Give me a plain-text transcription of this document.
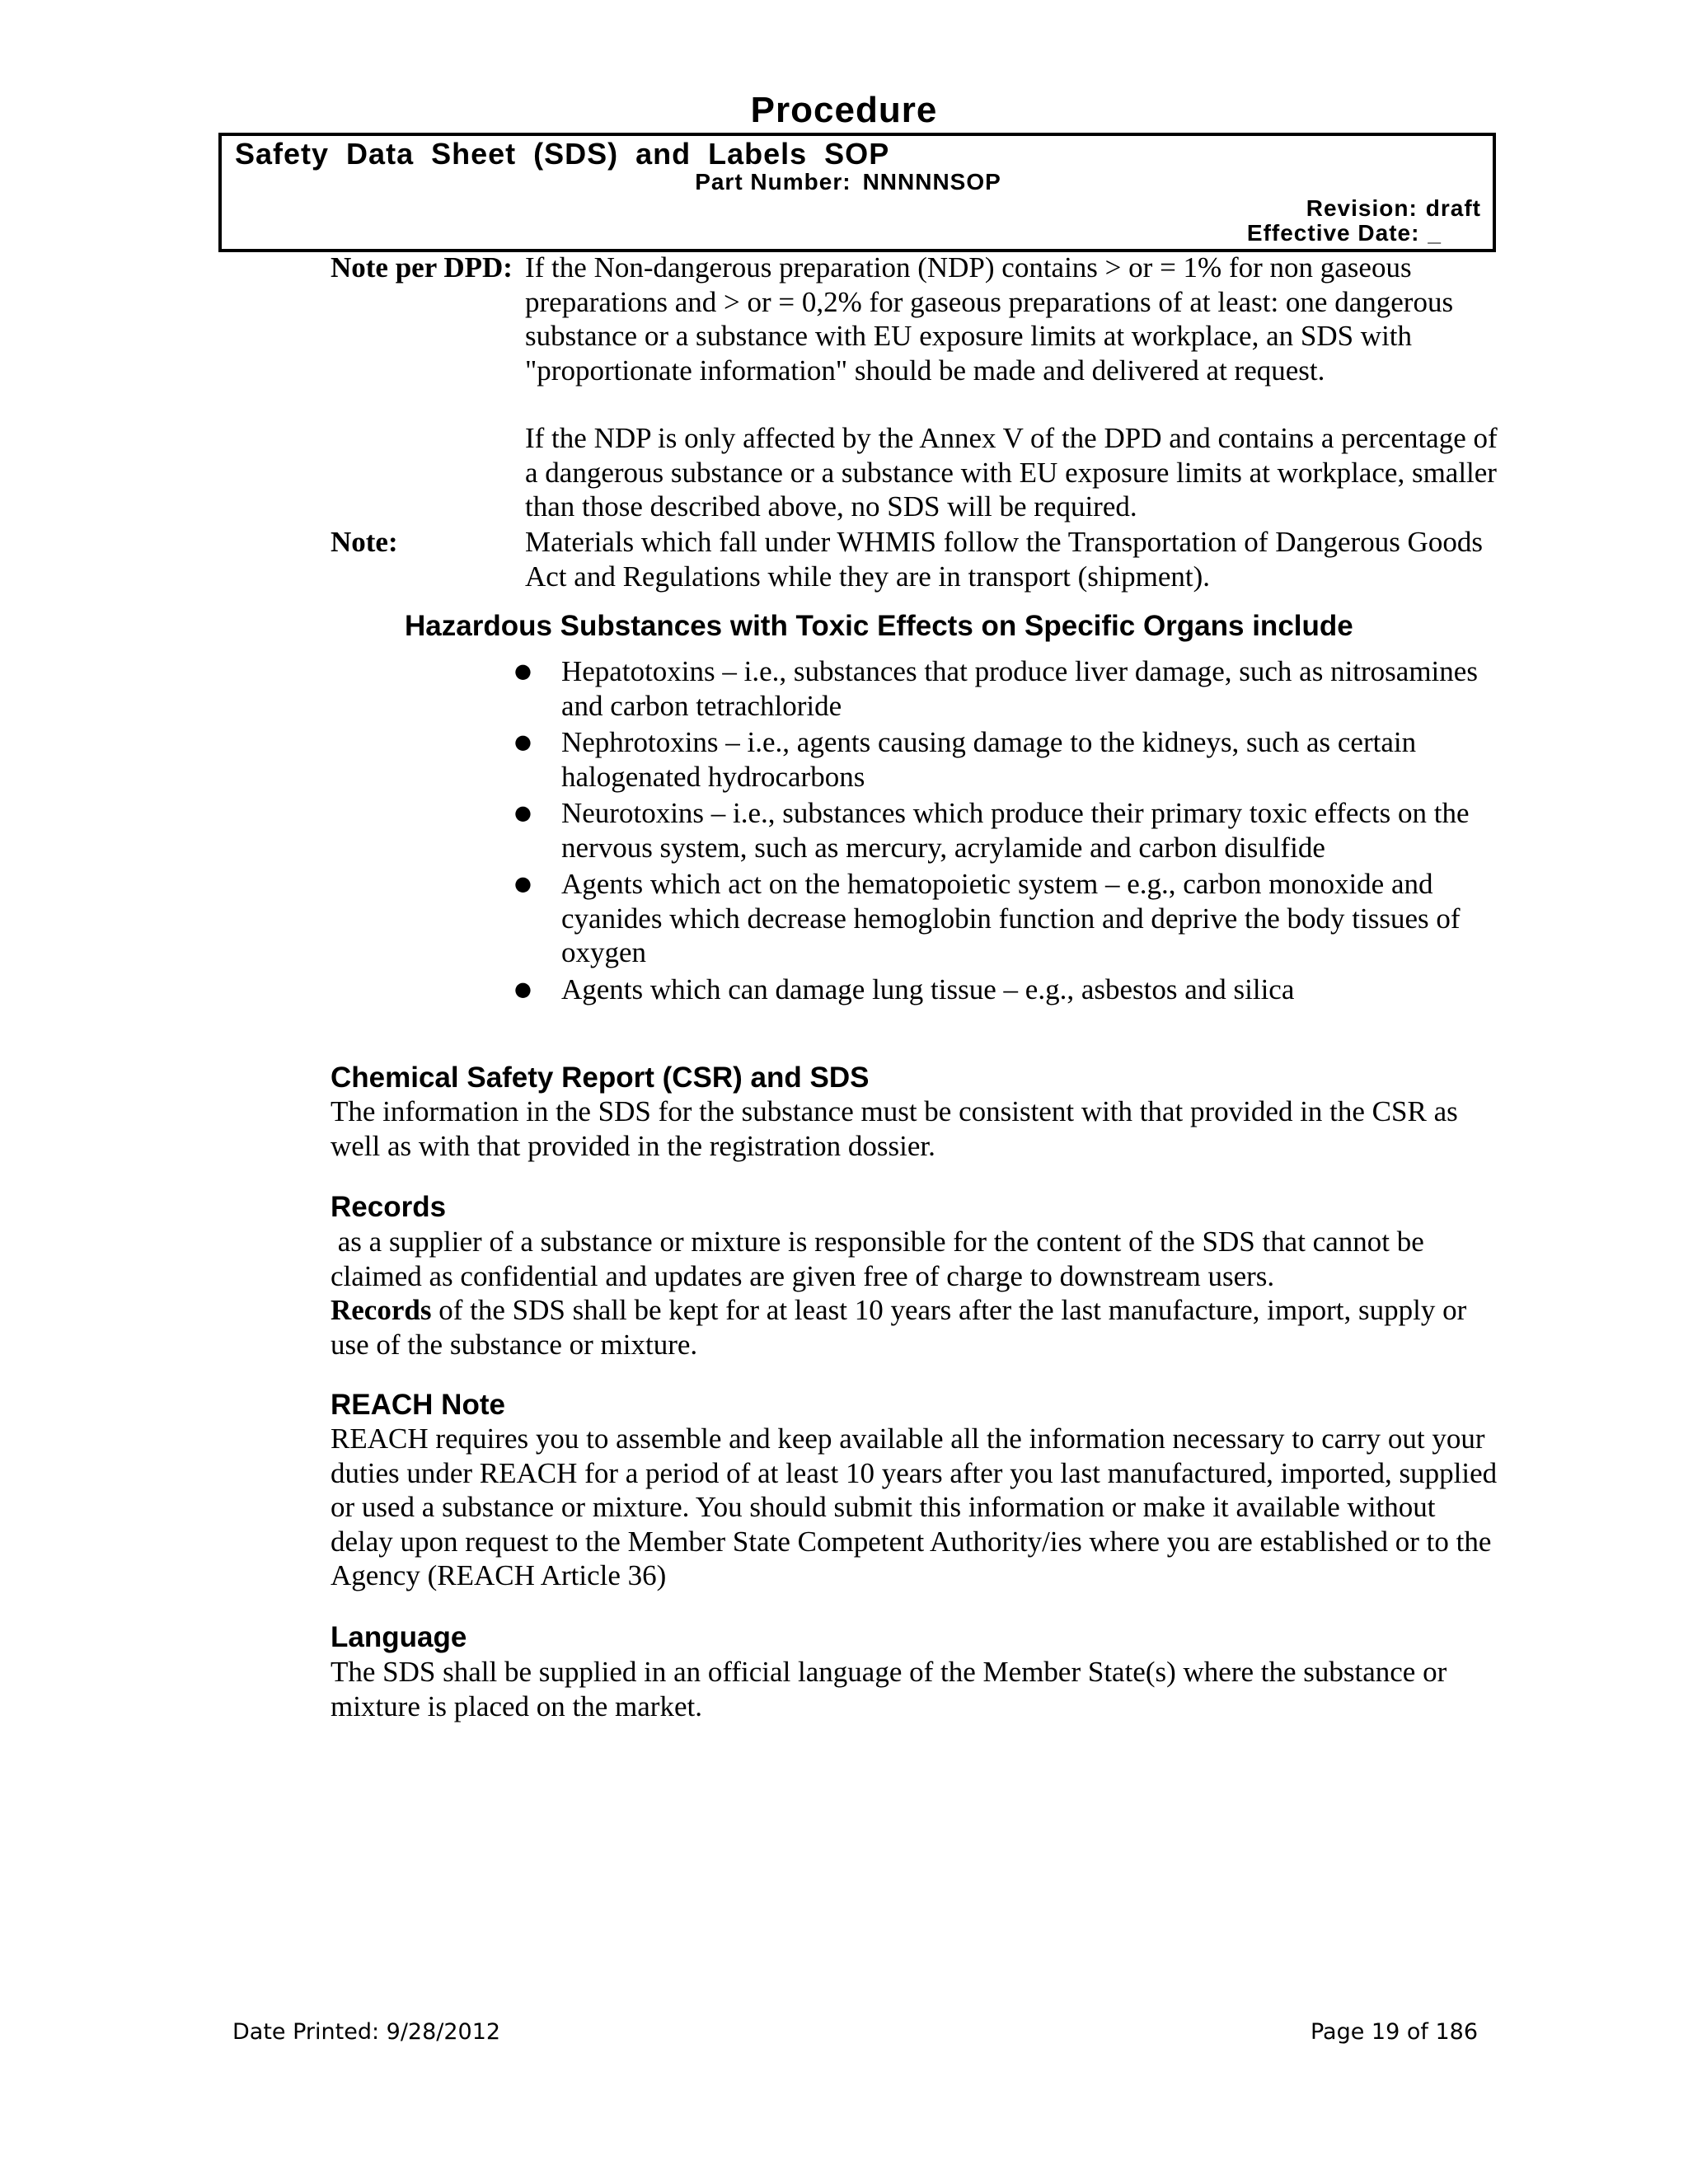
Procedure
Safety Data Sheet (SDS) and Labels SOP
Part Number: NNNNNSOP
Revision: draft
Effective Date: _
Note per DPD: If the Non-dangerous preparation (NDP) contains > or = 1% for non gaseous preparations and > or = 0,2% for gaseous preparations of at least: one dangerous substance or a substance with EU exposure limits at workplace, an SDS with "proportionate information" should be made and delivered at request.

If the NDP is only affected by the Annex V of the DPD and contains a percentage of a dangerous substance or a substance with EU exposure limits at workplace, smaller than those described above, no SDS will be required.

Note:	Materials which fall under WHMIS follow the Transportation of Dangerous Goods Act and Regulations while they are in transport (shipment).

Hazardous Substances with Toxic Effects on Specific Organs include
● Hepatotoxins – i.e., substances that produce liver damage, such as nitrosamines and carbon tetrachloride
● Nephrotoxins – i.e., agents causing damage to the kidneys, such as certain halogenated hydrocarbons
● Neurotoxins – i.e., substances which produce their primary toxic effects on the nervous system, such as mercury, acrylamide and carbon disulfide
● Agents which act on the hematopoietic system – e.g., carbon monoxide and cyanides which decrease hemoglobin function and deprive the body tissues of oxygen
● Agents which can damage lung tissue – e.g., asbestos and silica
Chemical Safety Report (CSR) and SDS

The information in the SDS for the substance must be consistent with that provided in the CSR as well as with that provided in the registration dossier.

Records

as a supplier of a substance or mixture is responsible for the content of the SDS that cannot be claimed as confidential and updates are given free of charge to downstream users.

Records of the SDS shall be kept for at least 10 years after the last manufacture, import, supply or use of the substance or mixture.

REACH Note

REACH requires you to assemble and keep available all the information necessary to carry out your duties under REACH for a period of at least 10 years after you last manufactured, imported, supplied or used a substance or mixture. You should submit this information or make it available without delay upon request to the Member State Competent Authority/ies where you are established or to the Agency (REACH Article 36)

Language

The SDS shall be supplied in an official language of the Member State(s) where the substance or mixture is placed on the market.

Date Printed: 9/28/2012	Page 19 of 186
